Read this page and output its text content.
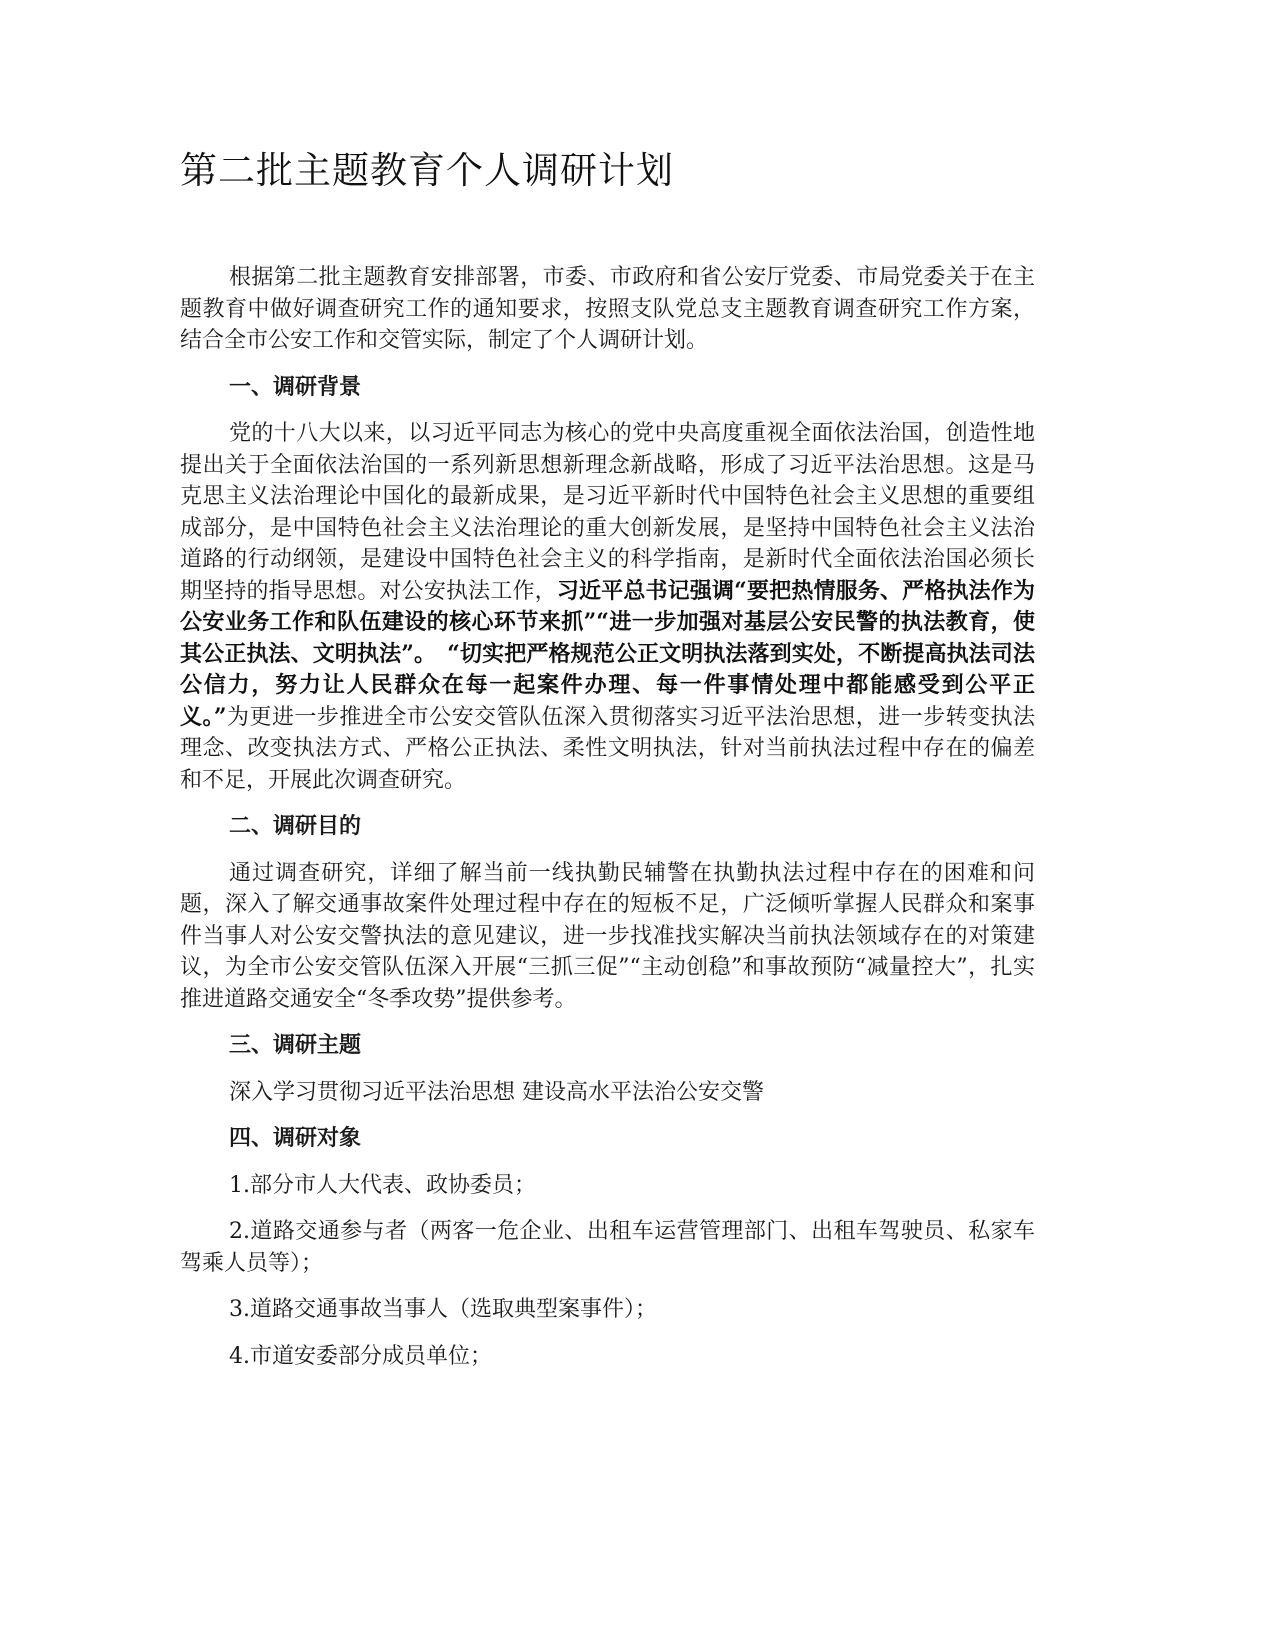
第二批主题教育个人调研计划

根据第二批主题教育安排部署，市委、市政府和省公安厅党委、市局党委关于在主题教育中做好调查研究工作的通知要求，按照支队党总支主题教育调查研究工作方案，结合全市公安工作和交管实际，制定了个人调研计划。

一、调研背景

党的十八大以来，以习近平同志为核心的党中央高度重视全面依法治国，创造性地提出关于全面依法治国的一系列新思想新理念新战略，形成了习近平法治思想。这是马克思主义法治理论中国化的最新成果，是习近平新时代中国特色社会主义思想的重要组成部分，是中国特色社会主义法治理论的重大创新发展，是坚持中国特色社会主义法治道路的行动纲领，是建设中国特色社会主义的科学指南，是新时代全面依法治国必须长期坚持的指导思想。对公安执法工作，习近平总书记强调“要把热情服务、严格执法作为公安业务工作和队伍建设的核心环节来抓”“进一步加强对基层公安民警的执法教育，使其公正执法、文明执法”。　“切实把严格规范公正文明执法落到实处，不断提高执法司法公信力，努力让人民群众在每一起案件办理、每一件事情处理中都能感受到公平正义。”为更进一步推进全市公安交管队伍深入贯彻落实习近平法治思想，进一步转变执法理念、改变执法方式、严格公正执法、柔性文明执法，针对当前执法过程中存在的偏差和不足，开展此次调查研究。

二、调研目的

通过调查研究，详细了解当前一线执勤民辅警在执勤执法过程中存在的困难和问题，深入了解交通事故案件处理过程中存在的短板不足，广泛倾听掌握人民群众和案事件当事人对公安交警执法的意见建议，进一步找准找实解决当前执法领域存在的对策建议，为全市公安交管队伍深入开展“三抓三促”“主动创稳”和事故预防“减量控大”，扎实推进道路交通安全“冬季攻势”提供参考。

三、调研主题

深入学习贯彻习近平法治思想 建设高水平法治公安交警

四、调研对象

1.部分市人大代表、政协委员；

2.道路交通参与者（两客一危企业、出租车运营管理部门、出租车驾驶员、私家车驾乘人员等）；

3.道路交通事故当事人（选取典型案事件）；

4.市道安委部分成员单位；
